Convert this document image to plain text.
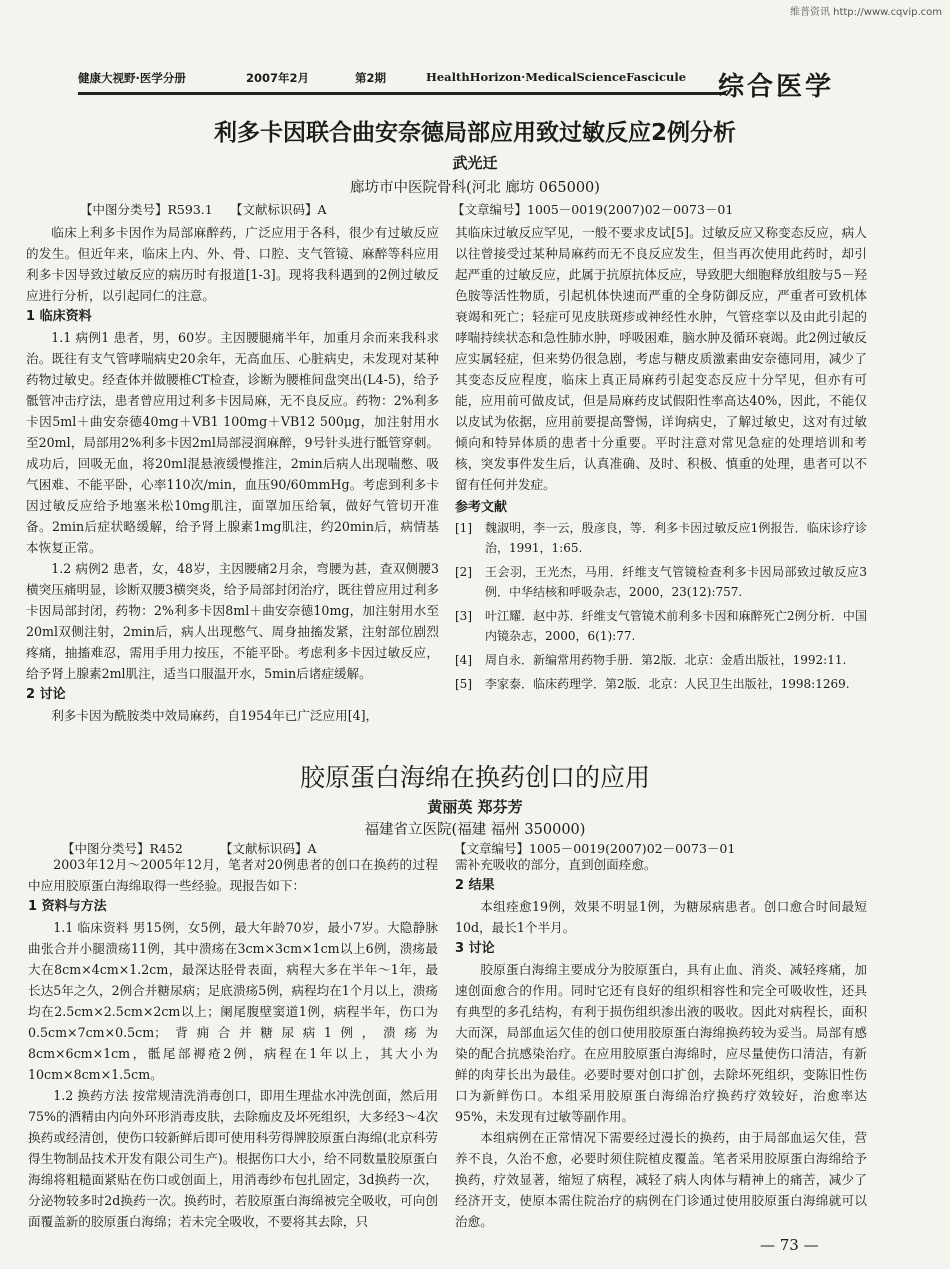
维普资讯 http://www.cqvip.com
健康大视野·医学分册	2007年2月	第2期	HealthHorizon·MedicalScienceFascicule 综合医学
利多卡因联合曲安奈德局部应用致过敏反应2例分析
武光迁
廊坊市中医院骨科(河北 廊坊 065000)
【中图分类号】R593.1 【文献标识码】A	【文章编号】1005－0019(2007)02－0073－01

临床上利多卡因作为局部麻醉药，广泛应用于各科，很少有过敏反应的发生。但近年来，临床上内、外、骨、口腔、支气管镜、麻醉等科应用利多卡因导致过敏反应的病历时有报道[1-3]。现将我科遇到的2例过敏反应进行分析，以引起同仁的注意。

1 临床资料

1.1 病例1 患者，男，60岁。主因腰腿痛半年，加重月余而来我科求治。既往有支气管哮喘病史20余年，无高血压、心脏病史，未发现对某种药物过敏史。经查体并做腰椎CT检查，诊断为腰椎间盘突出(L4-5)，给予骶管冲击疗法，患者曾应用过利多卡因局麻，无不良反应。药物：2%利多卡因5ml＋曲安奈德40mg＋VB1 100mg＋VB12 500μg，加注射用水至20ml，局部用2%利多卡因2ml局部浸润麻醉，9号针头进行骶管穿刺。成功后，回吸无血，将20ml混悬液缓慢推注，2min后病人出现喘憋、吸气困难、不能平卧，心率110次/min，血压90/60mmHg。考虑到利多卡因过敏反应给予地塞米松10mg肌注，面罩加压给氧，做好气管切开准备。2min后症状略缓解，给予肾上腺素1mg肌注，约20min后，病情基本恢复正常。

1.2 病例2 患者，女，48岁，主因腰痛2月余，弯腰为甚，查双侧腰3横突压痛明显，诊断双腰3横突炎，给予局部封闭治疗，既往曾应用过利多卡因局部封闭，药物：2%利多卡因8ml＋曲安奈德10mg，加注射用水至20ml双侧注射，2min后，病人出现憋气、周身抽搐发紧，注射部位剧烈疼痛，抽搐难忍，需用手用力按压，不能平卧。考虑利多卡因过敏反应，给予肾上腺素2ml肌注，适当口服温开水，5min后诸症缓解。

2 讨论

利多卡因为酰胺类中效局麻药，自1954年已广泛应用[4]，

其临床过敏反应罕见，一般不要求皮试[5]。过敏反应又称变态反应，病人以往曾接受过某种局麻药而无不良反应发生，但当再次使用此药时，却引起严重的过敏反应，此属于抗原抗体反应，导致肥大细胞释放组胺与5－羟色胺等活性物质，引起机体快速而严重的全身防御反应，严重者可致机体衰竭和死亡；轻症可见皮肤斑疹或神经性水肿，气管痉挛以及由此引起的哮喘持续状态和急性肺水肿，呼吸困难，脑水肿及循环衰竭。此2例过敏反应实属轻症，但来势仍很急剧，考虑与糖皮质激素曲安奈德同用，减少了其变态反应程度，临床上真正局麻药引起变态反应十分罕见，但亦有可能，应用前可做皮试，但是局麻药皮试假阳性率高达40%，因此，不能仅以皮试为依据，应用前要提高警惕，详询病史，了解过敏史，这对有过敏倾向和特异体质的患者十分重要。平时注意对常见急症的处理培训和考核，突发事件发生后，认真准确、及时、积极、慎重的处理，患者可以不留有任何并发症。

参考文献
[1]	魏淑明，李一云，殷彦良，等．利多卡因过敏反应1例报告．临床诊疗诊治，1991，1:65.
[2]	王会羽，王光杰，马用．纤维支气管镜检查利多卡因局部致过敏反应3例．中华结核和呼吸杂志，2000，23(12):757.
[3]	叶江耀．赵中苏．纤维支气管镜术前利多卡因和麻醉死亡2例分析．中国内镜杂志，2000，6(1):77.
[4]	周自永．新编常用药物手册．第2版．北京：金盾出版社，1992:11.
[5]	李家泰．临床药理学．第2版．北京：人民卫生出版社，1998:1269.
胶原蛋白海绵在换药创口的应用
黄丽英 郑芬芳
福建省立医院(福建 福州 350000)
【中图分类号】R452	【文献标识码】A	【文章编号】1005－0019(2007)02－0073－01

2003年12月～2005年12月，笔者对20例患者的创口在换药的过程中应用胶原蛋白海绵取得一些经验。现报告如下：

1 资料与方法

1.1 临床资料 男15例，女5例，最大年龄70岁，最小7岁。大隐静脉曲张合并小腿溃疡11例，其中溃疡在3cm×3cm×1cm以上6例，溃疡最大在8cm×4cm×1.2cm，最深达胫骨表面，病程大多在半年～1年，最长达5年之久，2例合并糖尿病；足底溃疡5例，病程均在1个月以上，溃疡均在2.5cm×2.5cm×2cm以上；阑尾腹壁窦道1例，病程半年，伤口为0.5cm×7cm×0.5cm；背痈合并糖尿病1例，溃疡为8cm×6cm×1cm，骶尾部褥疮2例，病程在1年以上，其大小为10cm×8cm×1.5cm。

1.2 换药方法 按常规清洗消毒创口，即用生理盐水冲洗创面，然后用75%的酒精由内向外环形消毒皮肤，去除痂皮及坏死组织，大多经3～4次换药或经清创，使伤口较新鲜后即可使用科劳得牌胶原蛋白海绵(北京科劳得生物制品技术开发有限公司生产)。根据伤口大小，给不同数量胶原蛋白海绵将粗糙面紧贴在伤口或创面上，用消毒纱布包扎固定，3d换药一次，分泌物较多时2d换药一次。换药时，若胶原蛋白海绵被完全吸收，可向创面覆盖新的胶原蛋白海绵；若未完全吸收，不要将其去除，只

需补充吸收的部分，直到创面痊愈。

2 结果

本组痊愈19例，效果不明显1例，为糖尿病患者。创口愈合时间最短10d，最长1个半月。

3 讨论

胶原蛋白海绵主要成分为胶原蛋白，具有止血、消炎、减轻疼痛，加速创面愈合的作用。同时它还有良好的组织相容性和完全可吸收性，还具有典型的多孔结构，有利于损伤组织渗出液的吸收。因此对病程长，面积大而深，局部血运欠佳的创口使用胶原蛋白海绵换药较为妥当。局部有感染的配合抗感染治疗。在应用胶原蛋白海绵时，应尽量使伤口清洁，有新鲜的肉芽长出为最佳。必要时要对创口扩创，去除坏死组织，变陈旧性伤口为新鲜伤口。本组采用胶原蛋白海绵治疗换药疗效较好，治愈率达95%，未发现有过敏等副作用。

本组病例在正常情况下需要经过漫长的换药，由于局部血运欠佳，营养不良，久治不愈，必要时须住院植皮覆盖。笔者采用胶原蛋白海绵给予换药，疗效显著，缩短了病程，减轻了病人肉体与精神上的痛苦，减少了经济开支，使原本需住院治疗的病例在门诊通过使用胶原蛋白海绵就可以治愈。

— 73 —
